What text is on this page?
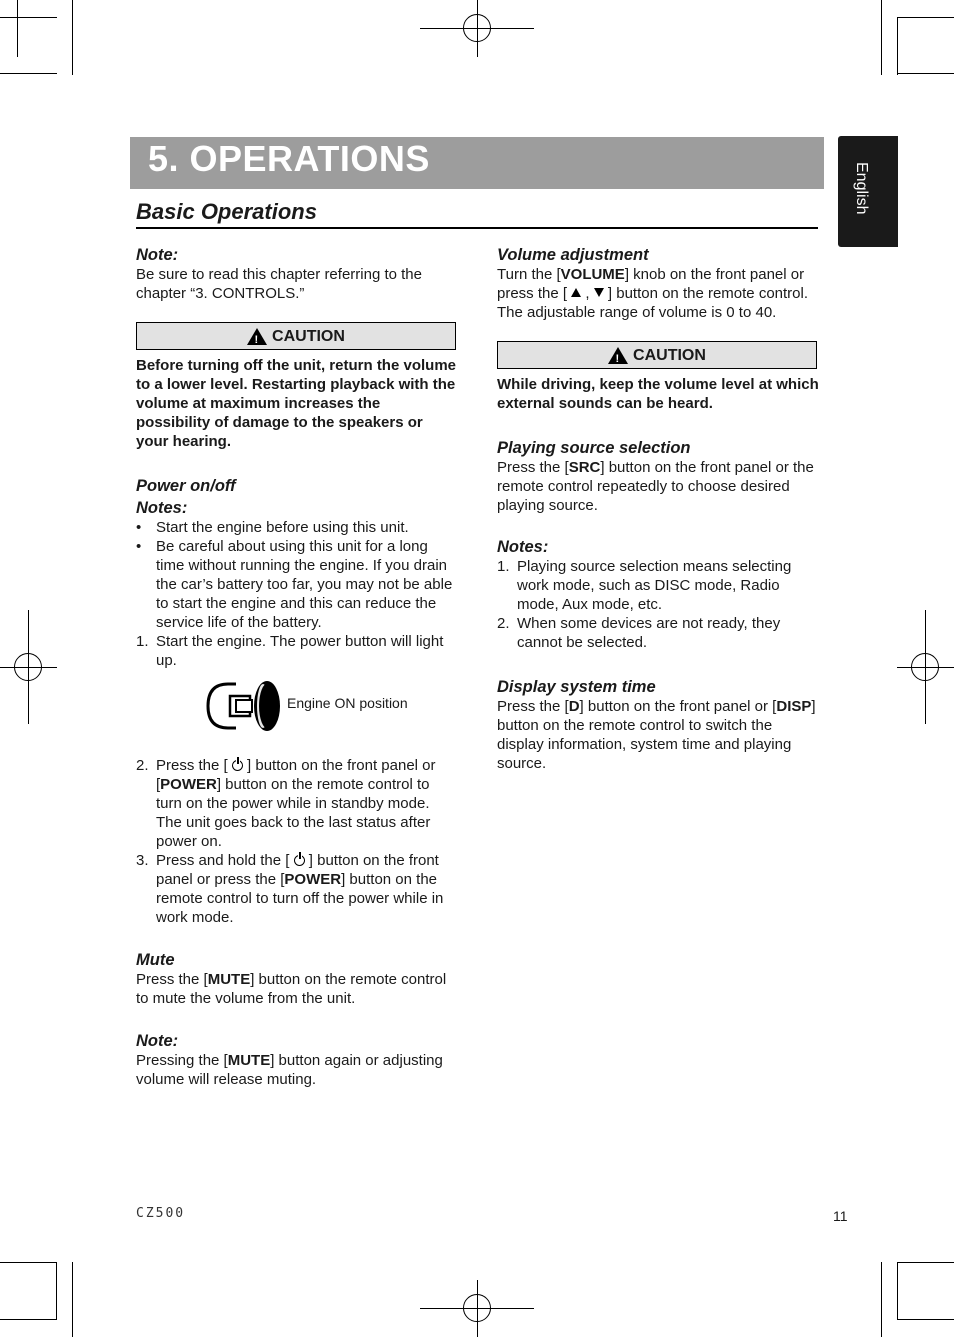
5. OPERATIONS
English
Basic Operations

Note:

Be sure to read this chapter referring to the chapter “3. CONTROLS.”

!
CAUTION

Before turning off the unit, return the volume to a lower level. Restarting playback with the volume at maximum increases the possibility of damage to the speakers or your hearing.

Power on/off

Notes:

• Start the engine before using this unit.
• Be careful about using this unit for a long time without running the engine. If you drain the car’s battery too far, you may not be able to start the engine and this can reduce the service life of the battery.
1. Start the engine. The power button will light up.
Engine ON position
2. Press the [  ] button on the front panel or [POWER] button on the remote control to turn on the power while in standby mode. The unit goes back to the last status after power on.
3. Press and hold the [  ] button on the front panel or press the [POWER] button on the remote control to turn off the power while in work mode.

Mute

Press the [MUTE] button on the remote control to mute the volume from the unit.

Note:

Pressing the [MUTE] button again or adjusting volume will release muting.

Volume adjustment

Turn the [VOLUME] knob on the front panel or press the [  ,  ] button on the remote control.

The adjustable range of volume is 0 to 40.

!
CAUTION

While driving, keep the volume level at which external sounds can be heard.

Playing source selection

Press the [SRC] button on the front panel or the remote control repeatedly to choose desired playing source.

Notes:

1. Playing source selection means selecting work mode, such as DISC mode, Radio mode, Aux mode, etc.
2. When some devices are not ready, they cannot be selected.

Display system time

Press the [D] button on the front panel or [DISP] button on the remote control to switch the display information, system time and playing source.

CZ500	11
